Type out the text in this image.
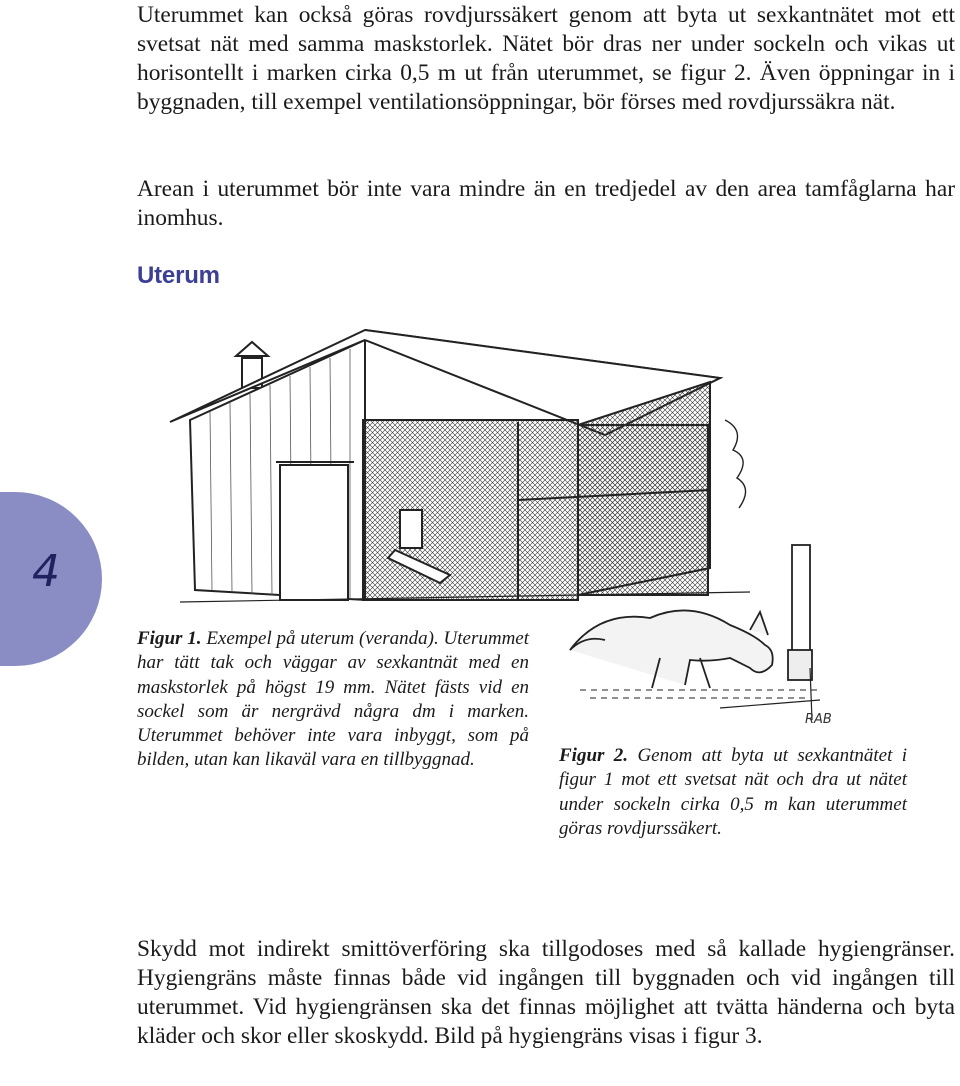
Uterummet kan också göras rovdjurssäkert genom att byta ut sexkantnätet mot ett svetsat nät med samma maskstorlek. Nätet bör dras ner under sockeln och vikas ut horisontellt i marken cirka 0,5 m ut från uterummet, se figur 2. Även öppningar in i byggnaden, till exempel ventilationsöppningar, bör förses med rovdjurssäkra nät.

Arean i uterummet bör inte vara mindre än en tredjedel av den area tamfåglarna har inomhus.

Uterum
4
RAB

Figur 1. Exempel på uterum (veranda). Uterummet har tätt tak och väggar av sexkantnät med en maskstorlek på högst 19 mm. Nätet fästs vid en sockel som är nergrävd några dm i marken. Uterummet behöver inte vara inbyggt, som på bilden, utan kan likaväl vara en tillbyggnad.	Figur 2. Genom att byta ut sexkantnätet i figur 1 mot ett svetsat nät och dra ut nätet under sockeln cirka 0,5 m kan uterummet göras rovdjurssäkert.

Skydd mot indirekt smittöverföring ska tillgodoses med så kallade hygiengränser. Hygiengräns måste finnas både vid ingången till byggnaden och vid ingången till uterummet. Vid hygiengränsen ska det finnas möjlighet att tvätta händerna och byta kläder och skor eller skoskydd. Bild på hygiengräns visas i figur 3.
